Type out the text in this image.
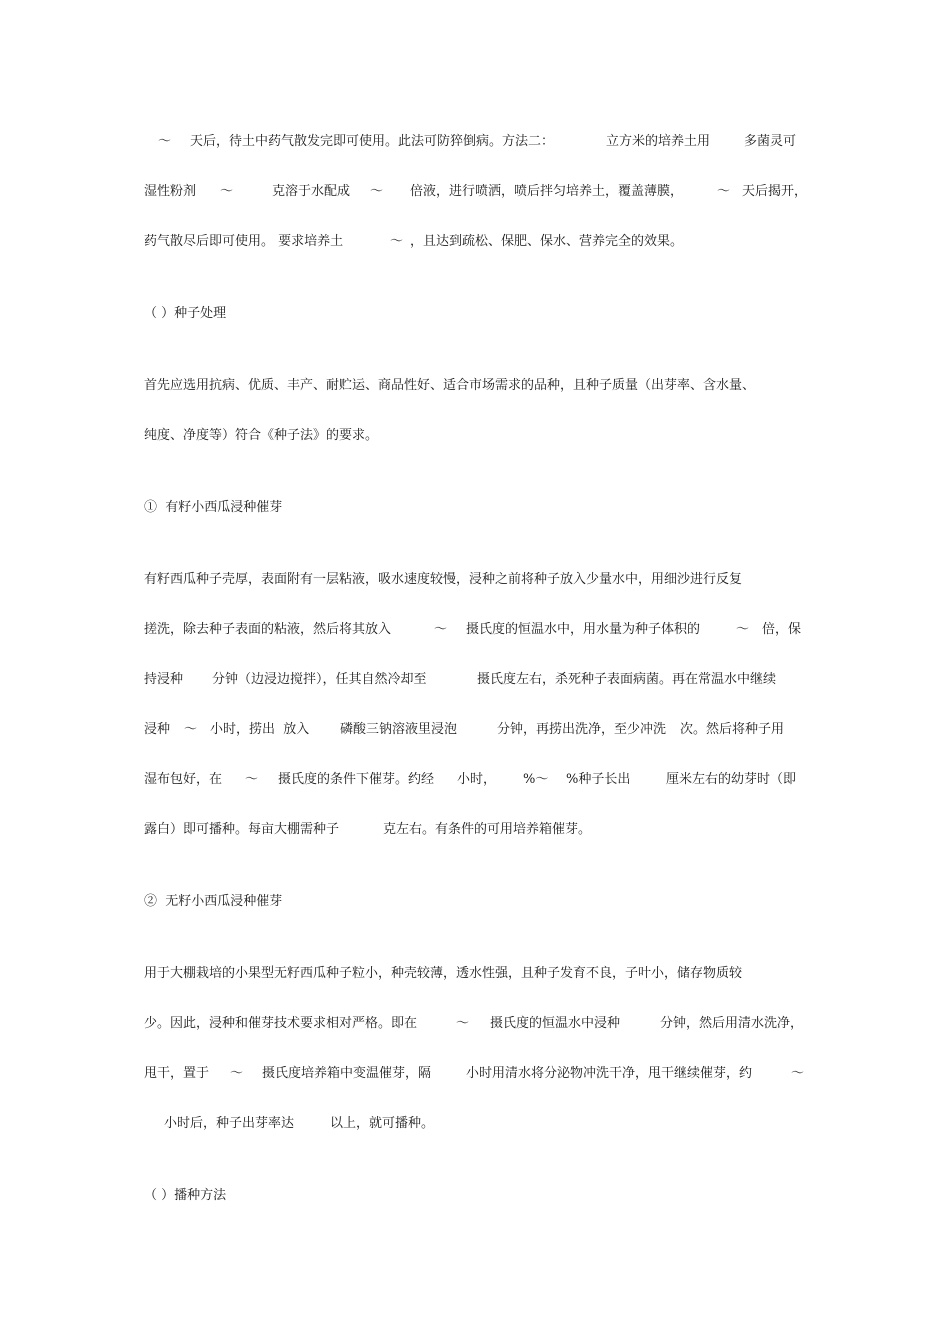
～

天后，待土中药气散发完即可使用。此法可防猝倒病。方法二：

	立方米的培养土用

	多菌灵可

湿性粉剂

～

	克溶于水配成

～

倍液，进行喷洒，喷后拌匀培养土，覆盖薄膜，

	～

天后揭开，

药气散尽后即可使用。 要求培养土

	～

，且达到疏松、保肥、保水、营养完全的效果。

（ ）种子处理

首先应选用抗病、优质、丰产、耐贮运、商品性好、适合市场需求的品种，且种子质量（出芽率、含水量、

纯度、净度等）符合《种子法》的要求。

①  有籽小西瓜浸种催芽

有籽西瓜种子壳厚，表面附有一层粘液，吸水速度较慢，浸种之前将种子放入少量水中，用细沙进行反复

搓洗，除去种子表面的粘液，然后将其放入

	～

摄氏度的恒温水中，用水量为种子体积的

	～

倍，保

持浸种

分钟（边浸边搅拌），任其自然冷却至

	摄氏度左右，杀死种子表面病菌。再在常温水中继续

浸种

～

小时，捞出  放入

磷酸三钠溶液里浸泡

	分钟，再捞出洗净，至少冲洗

次。然后将种子用

湿布包好，在

～

摄氏度的条件下催芽。约经

小时，

%～

%种子长出

	厘米左右的幼芽时（即

露白）即可播种。每亩大棚需种子

	克左右。有条件的可用培养箱催芽。

②  无籽小西瓜浸种催芽

用于大棚栽培的小果型无籽西瓜种子粒小，种壳较薄，透水性强，且种子发育不良，子叶小，储存物质较

少。因此，浸种和催芽技术要求相对严格。即在

	～

摄氏度的恒温水中浸种

	分钟，然后用清水洗净，

甩干，置于

～

摄氏度培养箱中变温催芽，隔

	小时用清水将分泌物冲洗干净，甩干继续催芽，约

	～

小时后，种子出芽率达

	以上，就可播种。

（ ）播种方法
